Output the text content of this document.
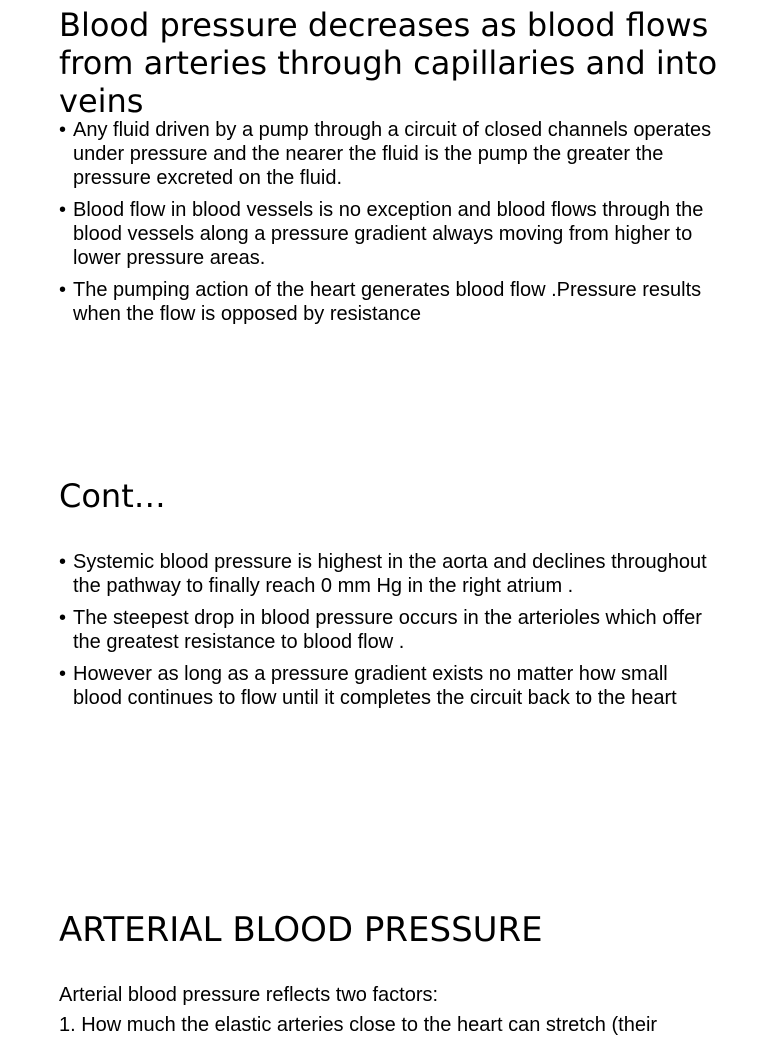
Blood pressure decreases as blood flows from arteries through capillaries and into veins
• Any fluid driven by a pump through a circuit of closed channels operates under pressure and the nearer the fluid is the pump the greater the pressure excreted on the fluid.
• Blood flow in blood vessels is no exception and blood flows through the blood vessels along a pressure gradient always moving from higher to lower pressure areas.
• The pumping action of the heart generates blood flow .Pressure results when the flow is opposed by resistance
Cont…
• Systemic blood pressure is highest in the aorta and declines throughout the pathway to finally reach 0 mm Hg in the right atrium .
• The steepest drop in blood pressure occurs in the arterioles which offer the greatest resistance to blood flow .
• However as long as a pressure gradient exists no matter how small blood continues to flow until it completes the circuit back to the heart
ARTERIAL BLOOD PRESSURE

Arterial blood pressure reflects two factors:

1. How much the elastic arteries close to the heart can stretch (their
